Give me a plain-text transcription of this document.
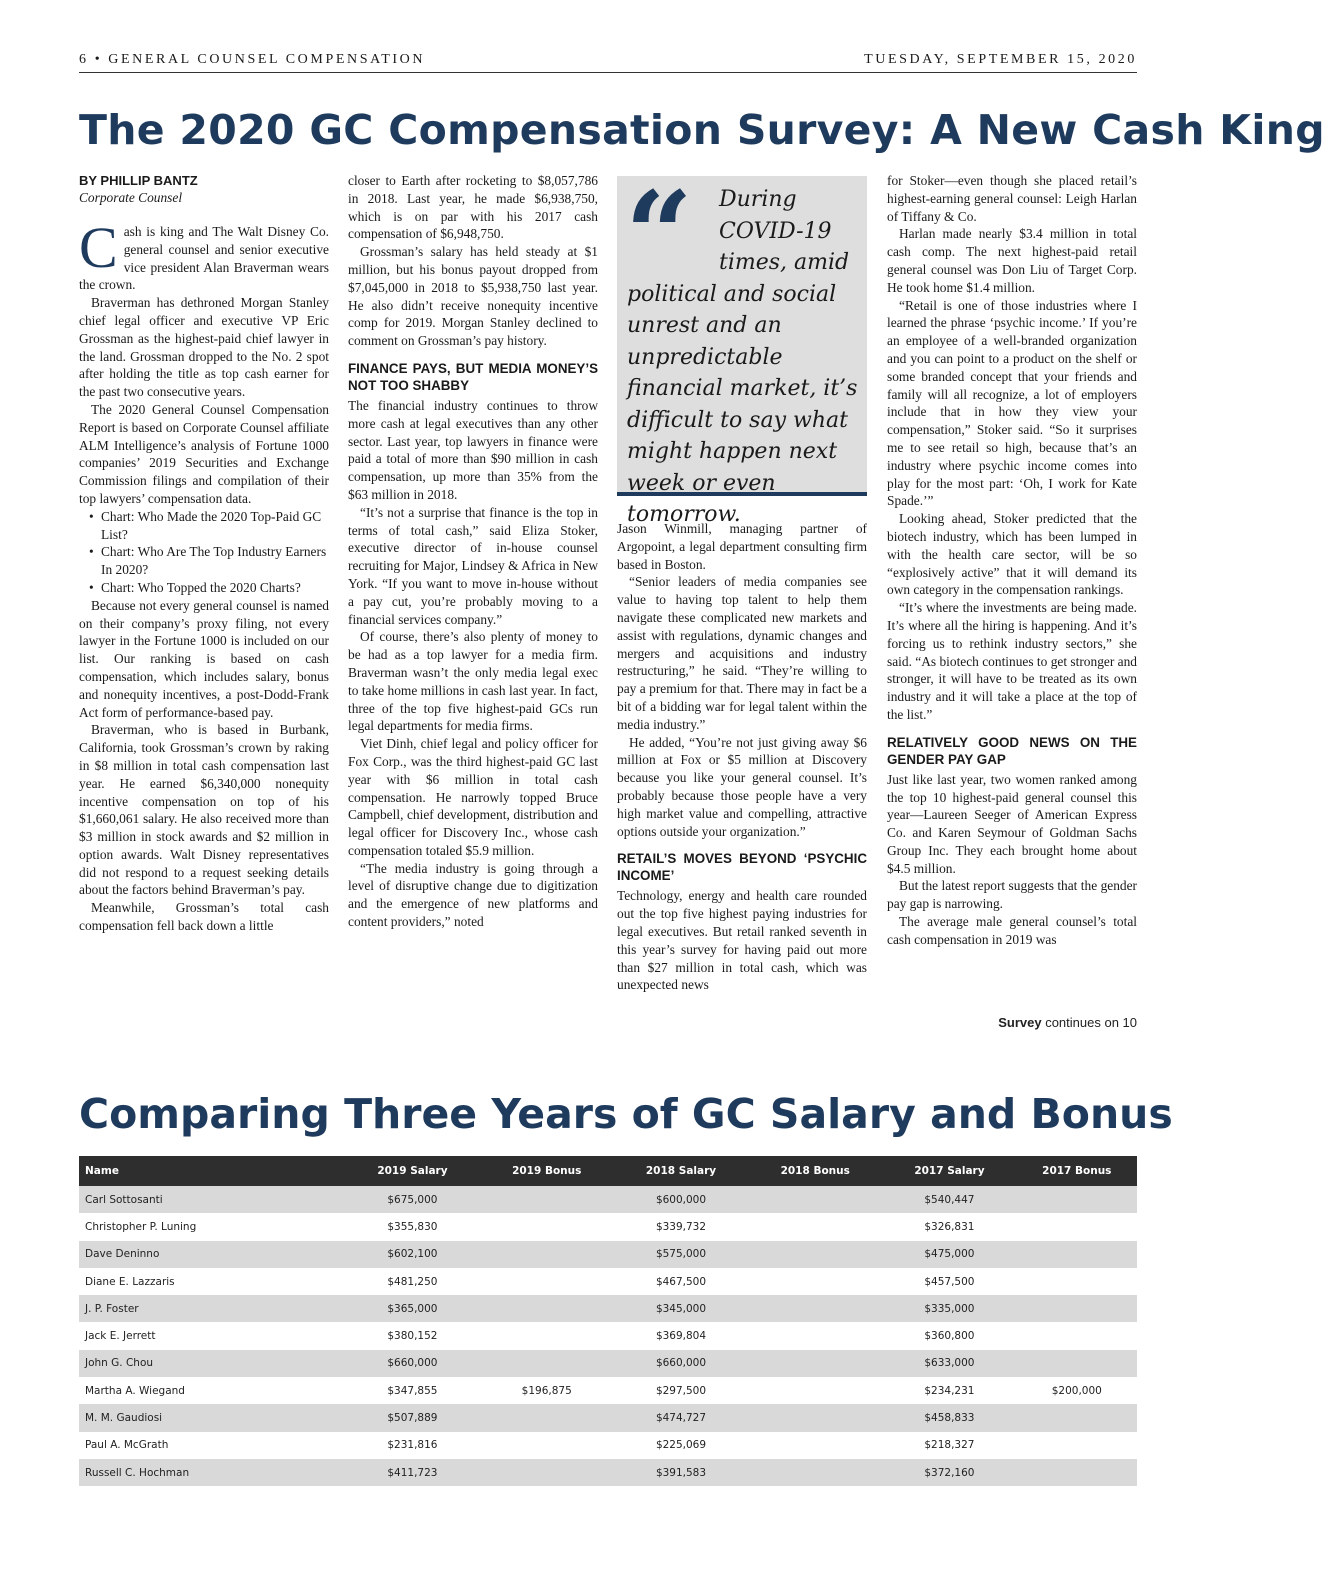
6 • GENERAL COUNSEL COMPENSATION	TUESDAY, SEPTEMBER 15, 2020
The 2020 GC Compensation Survey: A New Cash King
BY PHILLIP BANTZ
Corporate Counsel

Cash is king and The Walt Disney Co. general counsel and senior executive vice president Alan Braverman wears the crown.

Braverman has dethroned Morgan Stanley chief legal officer and executive VP Eric Grossman as the highest-paid chief lawyer in the land. Grossman dropped to the No. 2 spot after holding the title as top cash earner for the past two consecutive years.

The 2020 General Counsel Compensation Report is based on Corporate Counsel affiliate ALM Intelligence’s analysis of Fortune 1000 companies’ 2019 Securities and Exchange Commission filings and compilation of their top lawyers’ compensation data.

• Chart: Who Made the 2020 Top-Paid GC List?
• Chart: Who Are The Top Industry Earners In 2020?
• Chart: Who Topped the 2020 Charts?

Because not every general counsel is named on their company’s proxy filing, not every lawyer in the Fortune 1000 is included on our list. Our ranking is based on cash compensation, which includes salary, bonus and nonequity incentives, a post-Dodd-Frank Act form of performance-based pay.

Braverman, who is based in Burbank, California, took Grossman’s crown by raking in $8 million in total cash compensation last year. He earned $6,340,000 nonequity incentive compensation on top of his $1,660,061 salary. He also received more than $3 million in stock awards and $2 million in option awards. Walt Disney representatives did not respond to a request seeking details about the factors behind Braverman’s pay.

Meanwhile, Grossman’s total cash compensation fell back down a little

closer to Earth after rocketing to $8,057,786 in 2018. Last year, he made $6,938,750, which is on par with his 2017 cash compensation of $6,948,750.

Grossman’s salary has held steady at $1 million, but his bonus payout dropped from $7,045,000 in 2018 to $5,938,750 last year. He also didn’t receive nonequity incentive comp for 2019. Morgan Stanley declined to comment on Grossman’s pay history.

FINANCE PAYS, BUT MEDIA MONEY’S NOT TOO SHABBY

The financial industry continues to throw more cash at legal executives than any other sector. Last year, top lawyers in finance were paid a total of more than $90 million in cash compensation, up more than 35% from the $63 million in 2018.

“It’s not a surprise that finance is the top in terms of total cash,” said Eliza Stoker, executive director of in-house counsel recruiting for Major, Lindsey & Africa in New York. “If you want to move in-house without a pay cut, you’re probably moving to a financial services company.”

Of course, there’s also plenty of money to be had as a top lawyer for a media firm. Braverman wasn’t the only media legal exec to take home millions in cash last year. In fact, three of the top five highest-paid GCs run legal departments for media firms.

Viet Dinh, chief legal and policy officer for Fox Corp., was the third highest-paid GC last year with $6 million in total cash compensation. He narrowly topped Bruce Campbell, chief development, distribution and legal officer for Discovery Inc., whose cash compensation totaled $5.9 million.

“The media industry is going through a level of disruptive change due to digitization and the emergence of new platforms and content providers,” noted

“	During
COVID-19
times, amid
political and social unrest and an unpredictable financial market, it’s difficult to say what might happen next week or even tomorrow.

Jason Winmill, managing partner of Argopoint, a legal department consulting firm based in Boston.

“Senior leaders of media companies see value to having top talent to help them navigate these complicated new markets and assist with regulations, dynamic changes and mergers and acquisitions and industry restructuring,” he said. “They’re willing to pay a premium for that. There may in fact be a bit of a bidding war for legal talent within the media industry.”

He added, “You’re not just giving away $6 million at Fox or $5 million at Discovery because you like your general counsel. It’s probably because those people have a very high market value and compelling, attractive options outside your organization.”

RETAIL’S MOVES BEYOND ‘PSYCHIC INCOME’

Technology, energy and health care rounded out the top five highest paying industries for legal executives. But retail ranked seventh in this year’s survey for having paid out more than $27 million in total cash, which was unexpected news

for Stoker—even though she placed retail’s highest-earning general counsel: Leigh Harlan of Tiffany & Co.

Harlan made nearly $3.4 million in total cash comp. The next highest-paid retail general counsel was Don Liu of Target Corp. He took home $1.4 million.

“Retail is one of those industries where I learned the phrase ‘psychic income.’ If you’re an employee of a well-branded organization and you can point to a product on the shelf or some branded concept that your friends and family will all recognize, a lot of employers include that in how they view your compensation,” Stoker said. “So it surprises me to see retail so high, because that’s an industry where psychic income comes into play for the most part: ‘Oh, I work for Kate Spade.’”

Looking ahead, Stoker predicted that the biotech industry, which has been lumped in with the health care sector, will be so “explosively active” that it will demand its own category in the compensation rankings.

“It’s where the investments are being made. It’s where all the hiring is happening. And it’s forcing us to rethink industry sectors,” she said. “As biotech continues to get stronger and stronger, it will have to be treated as its own industry and it will take a place at the top of the list.”

RELATIVELY GOOD NEWS ON THE GENDER PAY GAP

Just like last year, two women ranked among the top 10 highest-paid general counsel this year—Laureen Seeger of American Express Co. and Karen Seymour of Goldman Sachs Group Inc. They each brought home about $4.5 million.

But the latest report suggests that the gender pay gap is narrowing.

The average male general counsel’s total cash compensation in 2019 was

Survey continues on 10
Comparing Three Years of GC Salary and Bonus
Name	2019 Salary	2019 Bonus	2018 Salary	2018 Bonus	2017 Salary	2017 Bonus
Carl Sottosanti	$675,000		$600,000		$540,447	
Christopher P. Luning	$355,830		$339,732		$326,831	
Dave Deninno	$602,100		$575,000		$475,000	
Diane E. Lazzaris	$481,250		$467,500		$457,500	
J. P. Foster	$365,000		$345,000		$335,000	
Jack E. Jerrett	$380,152		$369,804		$360,800	
John G. Chou	$660,000		$660,000		$633,000	
Martha A. Wiegand	$347,855	$196,875	$297,500		$234,231	$200,000
M. M. Gaudiosi	$507,889		$474,727		$458,833	
Paul A. McGrath	$231,816		$225,069		$218,327	
Russell C. Hochman	$411,723		$391,583		$372,160	
